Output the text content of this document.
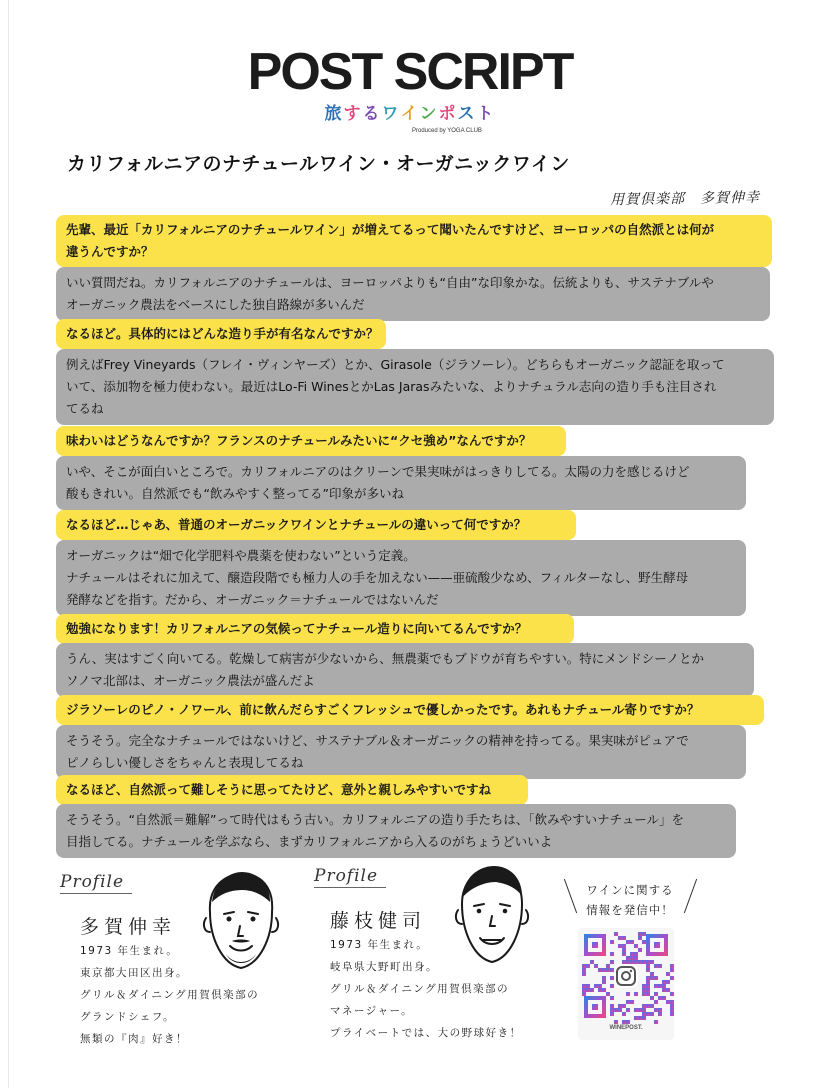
POST SCRIPT
旅するワインポスト
Produced by YOGA CLUB
カリフォルニアのナチュールワイン・オーガニックワイン
用賀倶楽部　多賀伸幸
先輩、最近「カリフォルニアのナチュールワイン」が増えてるって聞いたんですけど、ヨーロッパの自然派とは何が
違うんですか？
いい質問だね。カリフォルニアのナチュールは、ヨーロッパよりも“自由”な印象かな。伝統よりも、サステナブルや
オーガニック農法をベースにした独自路線が多いんだ
なるほど。具体的にはどんな造り手が有名なんですか？
例えばFrey Vineyards（フレイ・ヴィンヤーズ）とか、Girasole（ジラソーレ）。どちらもオーガニック認証を取って
いて、添加物を極力使わない。最近はLo-Fi WinesとかLas Jarasみたいな、よりナチュラル志向の造り手も注目され
てるね
味わいはどうなんですか？フランスのナチュールみたいに“クセ強め”なんですか？
いや、そこが面白いところで。カリフォルニアのはクリーンで果実味がはっきりしてる。太陽の力を感じるけど
酸もきれい。自然派でも“飲みやすく整ってる”印象が多いね
なるほど…じゃあ、普通のオーガニックワインとナチュールの違いって何ですか？
オーガニックは“畑で化学肥料や農薬を使わない”という定義。
ナチュールはそれに加えて、醸造段階でも極力人の手を加えない——亜硫酸少なめ、フィルターなし、野生酵母
発酵などを指す。だから、オーガニック＝ナチュールではないんだ
勉強になります！カリフォルニアの気候ってナチュール造りに向いてるんですか？
うん、実はすごく向いてる。乾燥して病害が少ないから、無農薬でもブドウが育ちやすい。特にメンドシーノとか
ソノマ北部は、オーガニック農法が盛んだよ
ジラソーレのピノ・ノワール、前に飲んだらすごくフレッシュで優しかったです。あれもナチュール寄りですか？
そうそう。完全なナチュールではないけど、サステナブル＆オーガニックの精神を持ってる。果実味がピュアで
ピノらしい優しさをちゃんと表現してるね
なるほど、自然派って難しそうに思ってたけど、意外と親しみやすいですね
そうそう。“自然派＝難解”って時代はもう古い。カリフォルニアの造り手たちは、「飲みやすいナチュール」を
目指してる。ナチュールを学ぶなら、まずカリフォルニアから入るのがちょうどいいよ
Profile
多賀伸幸
1973 年生まれ。
東京都大田区出身。
グリル＆ダイニング用賀倶楽部の
グランドシェフ。
無類の『肉』好き！
Profile
藤枝健司
1973 年生まれ。
岐阜県大野町出身。
グリル＆ダイニング用賀倶楽部の
マネージャー。
プライベートでは、大の野球好き！
ワインに関する
情報を発信中！
WINEPOST.
